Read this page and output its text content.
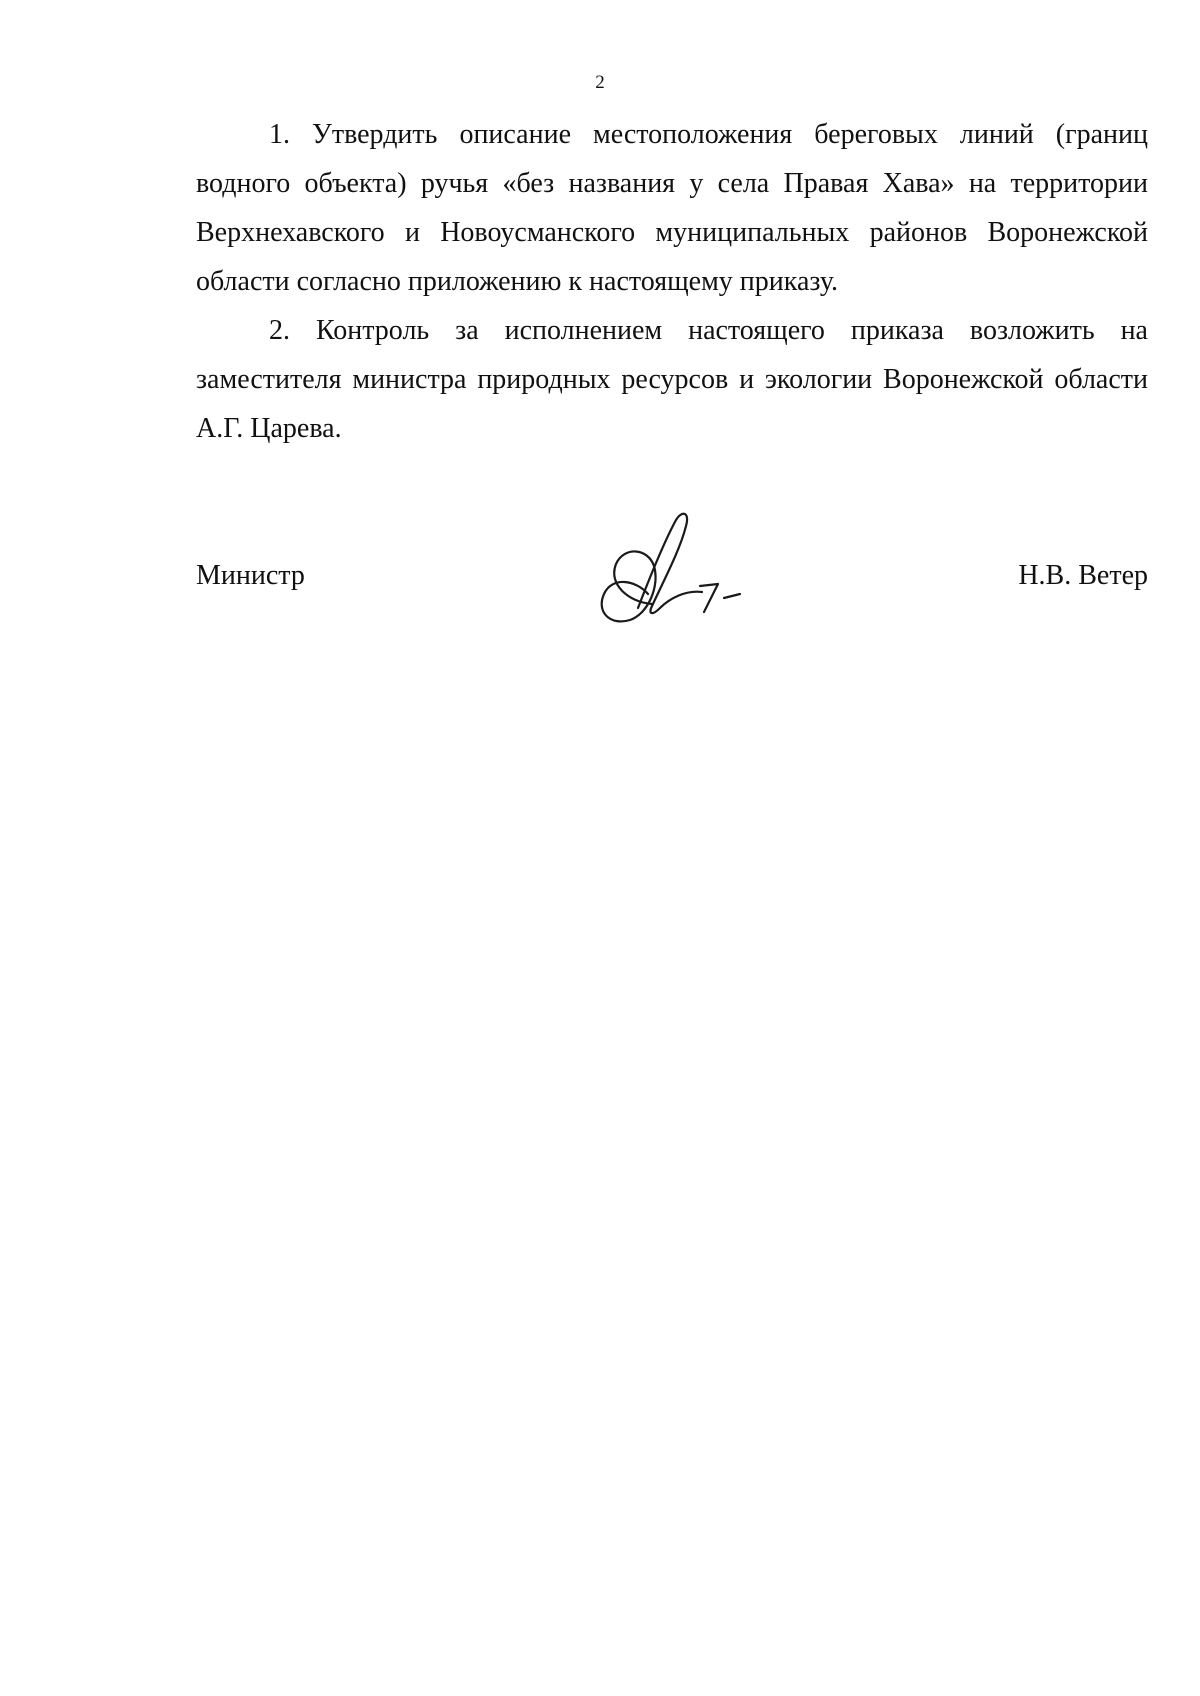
2

1. Утвердить описание местоположения береговых линий (границ водного объекта) ручья «без названия у села Правая Хава» на территории Верхнехавского и Новоусманского муниципальных районов Воронежской области согласно приложению к настоящему приказу.

2. Контроль за исполнением настоящего приказа возложить на заместителя министра природных ресурсов и экологии Воронежской области А.Г. Царева.

Министр	Н.В. Ветер
